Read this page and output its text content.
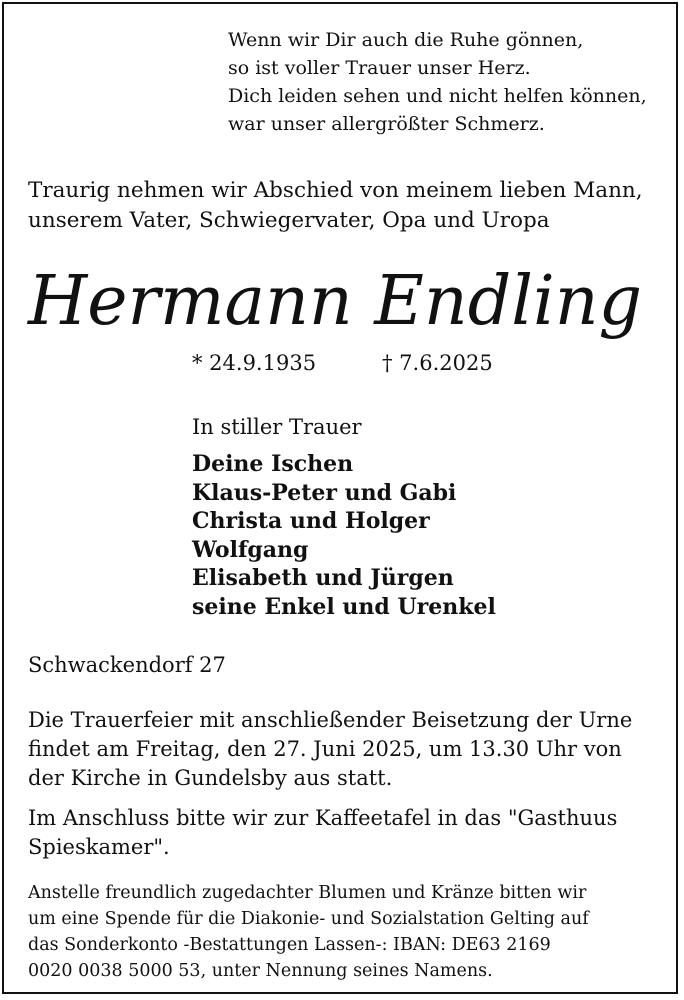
Wenn wir Dir auch die Ruhe gönnen,
so ist voller Trauer unser Herz.
Dich leiden sehen und nicht helfen können,
war unser allergrößter Schmerz.
Traurig nehmen wir Abschied von meinem lieben Mann,
unserem Vater, Schwiegervater, Opa und Uropa
Hermann Endling
* 24.9.1935	† 7.6.2025
In stiller Trauer
Deine Ischen
Klaus-Peter und Gabi
Christa und Holger
Wolfgang
Elisabeth und Jürgen
seine Enkel und Urenkel
Schwackendorf 27
Die Trauerfeier mit anschließender Beisetzung der Urne
findet am Freitag, den 27. Juni 2025, um 13.30 Uhr von
der Kirche in Gundelsby aus statt.
Im Anschluss bitte wir zur Kaffeetafel in das "Gasthuus
Spieskamer".
Anstelle freundlich zugedachter Blumen und Kränze bitten wir
um eine Spende für die Diakonie- und Sozialstation Gelting auf
das Sonderkonto -Bestattungen Lassen-: IBAN: DE63 2169
0020 0038 5000 53, unter Nennung seines Namens.
